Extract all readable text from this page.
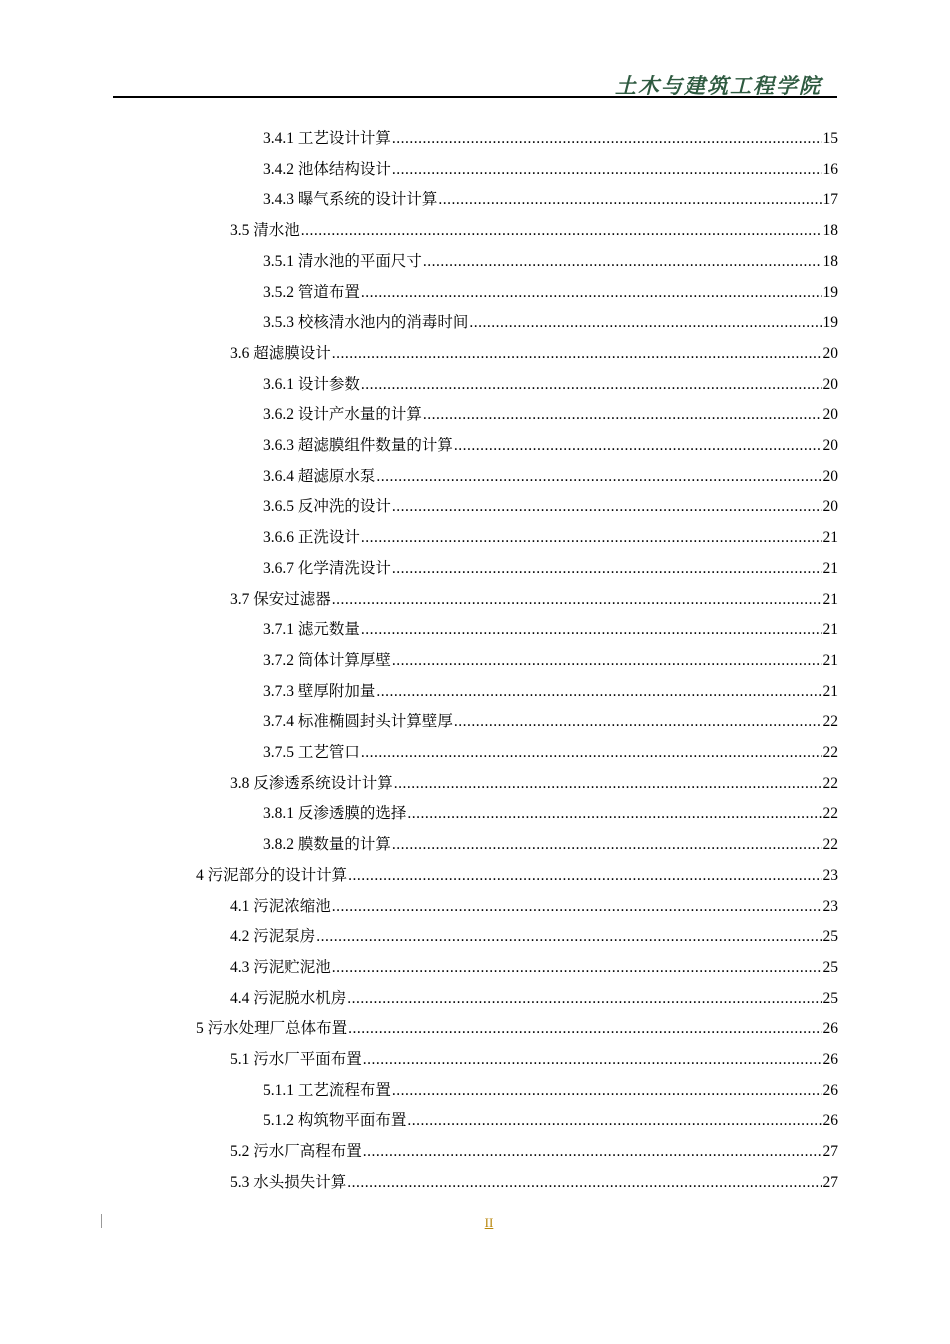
土木与建筑工程学院
3.4.1 工艺设计计算 .....	15
3.4.2 池体结构设计 .....	16
3.4.3 曝气系统的设计计算 .....	17
3.5 清水池 .....	18
3.5.1 清水池的平面尺寸 .....	18
3.5.2 管道布置 .....	19
3.5.3 校核清水池内的消毒时间 .....	19
3.6 超滤膜设计 .....	20
3.6.1 设计参数 .....	20
3.6.2 设计产水量的计算 .....	20
3.6.3 超滤膜组件数量的计算 .....	20
3.6.4 超滤原水泵 .....	20
3.6.5 反冲洗的设计 .....	20
3.6.6 正洗设计 .....	21
3.6.7 化学清洗设计 .....	21
3.7 保安过滤器 .....	21
3.7.1 滤元数量 .....	21
3.7.2 筒体计算厚壁 .....	21
3.7.3 壁厚附加量 .....	21
3.7.4 标准椭圆封头计算壁厚 .....	22
3.7.5 工艺管口 .....	22
3.8 反渗透系统设计计算 .....	22
3.8.1 反渗透膜的选择 .....	22
3.8.2 膜数量的计算 .....	22
4 污泥部分的设计计算 .....	23
4.1 污泥浓缩池 .....	23
4.2 污泥泵房 .....	25
4.3 污泥贮泥池 .....	25
4.4 污泥脱水机房 .....	25
5 污水处理厂总体布置 .....	26
5.1 污水厂平面布置 .....	26
5.1.1 工艺流程布置 .....	26
5.1.2 构筑物平面布置 .....	26
5.2 污水厂高程布置 .....	27
5.3 水头损失计算 .....	27
II
